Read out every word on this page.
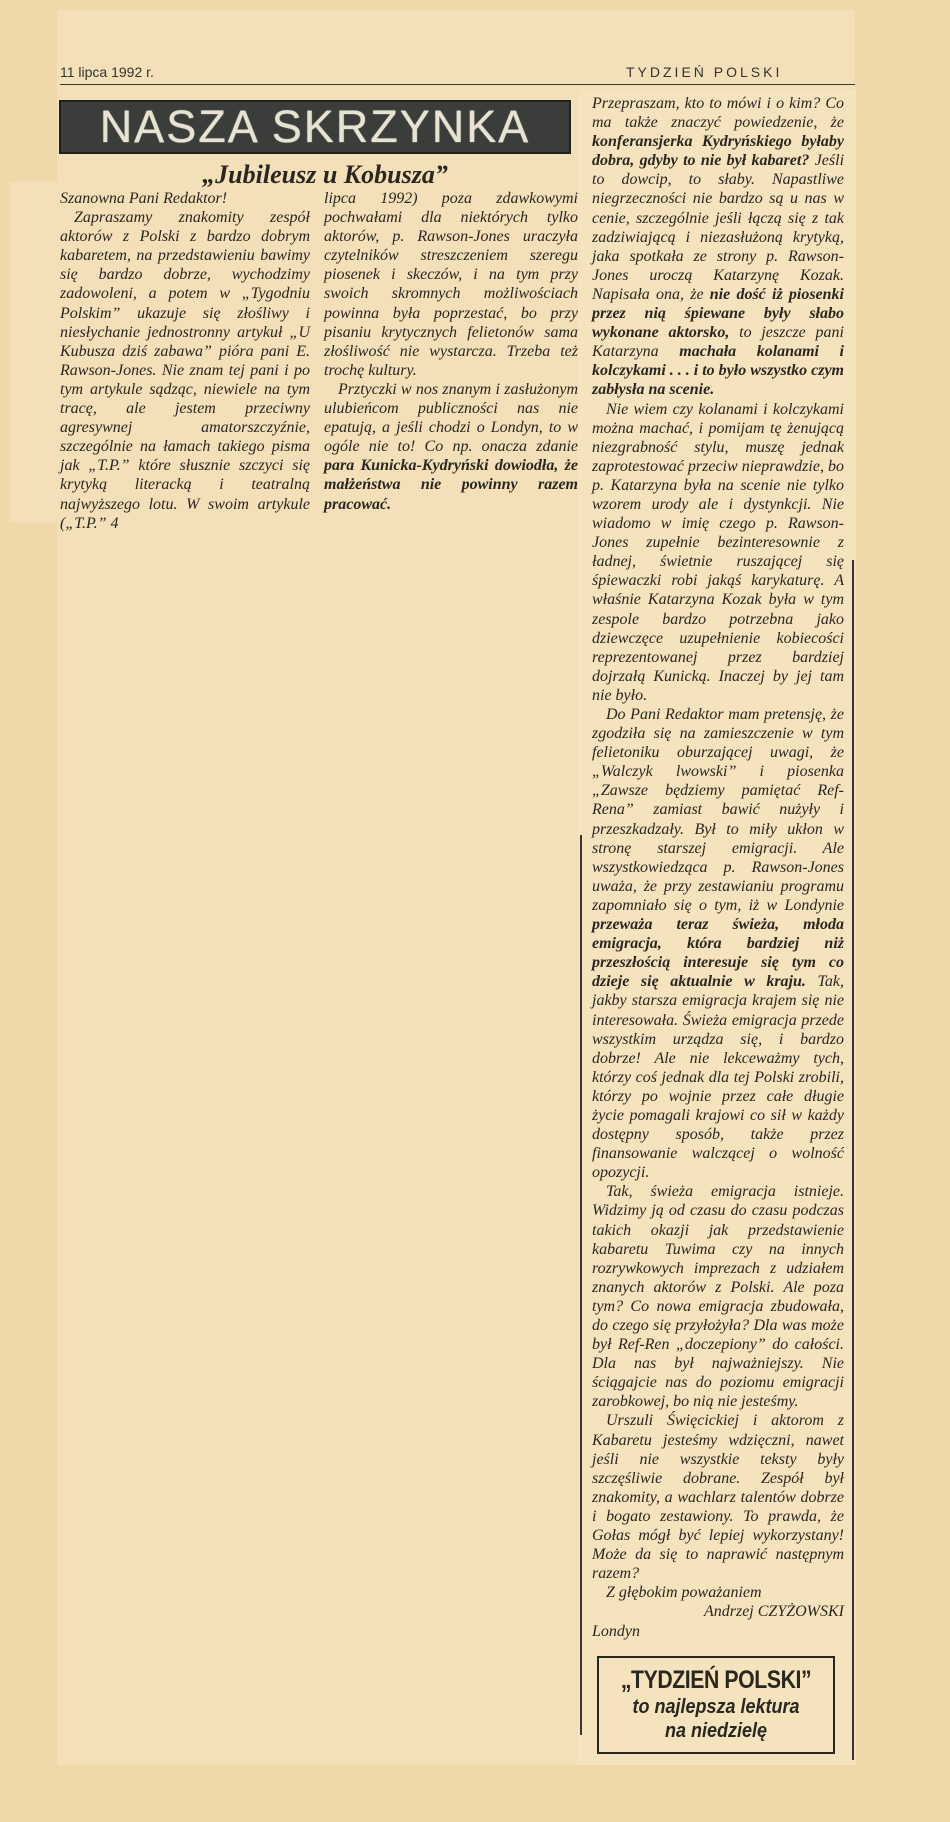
11 lipca 1992 r.	TYDZIEŃ POLSKI
NASZA SKRZYNKA
„Jubileusz u Kobusza”

Szanowna Pani Redaktor!

Zapraszamy znakomity zespół aktorów z Polski z bardzo dobrym kabaretem, na przedstawieniu bawimy się bardzo dobrze, wychodzimy zadowoleni, a potem w „Tygodniu Polskim” ukazuje się złośliwy i niesłychanie jednostronny artykuł „U Kubusza dziś zabawa” pióra pani E. Rawson-Jones. Nie znam tej pani i po tym artykule sądząc, niewiele na tym tracę, ale jestem przeciwny agresywnej amatorszczyźnie, szczególnie na łamach takiego pisma jak „T.P.” które słusznie szczyci się krytyką literacką i teatralną najwyższego lotu. W swoim artykule („T.P.” 4

lipca 1992) poza zdawkowymi pochwałami dla niektórych tylko aktorów, p. Rawson-Jones uraczyła czytelników streszczeniem szeregu piosenek i skeczów, i na tym przy swoich skromnych możliwościach powinna była poprzestać, bo przy pisaniu krytycznych felietonów sama złośliwość nie wystarcza. Trzeba też trochę kultury.

Prztyczki w nos znanym i zasłużonym ulubieńcom publiczności nas nie epatują, a jeśli chodzi o Londyn, to w ogóle nie to! Co np. onacza zdanie para Kunicka-Kydryński dowiodła, że małżeństwa nie powinny razem pracować.

Przepraszam, kto to mówi i o kim? Co ma także znaczyć powiedzenie, że konferansjerka Kydryńskiego byłaby dobra, gdyby to nie był kabaret? Jeśli to dowcip, to słaby. Napastliwe niegrzeczności nie bardzo są u nas w cenie, szczególnie jeśli łączą się z tak zadziwiającą i niezasłużoną krytyką, jaka spotkała ze strony p. Rawson-Jones uroczą Katarzynę Kozak. Napisała ona, że nie dość iż piosenki przez nią śpiewane były słabo wykonane aktorsko, to jeszcze pani Katarzyna machała kolanami i kolczykami . . . i to było wszystko czym zabłysła na scenie.

Nie wiem czy kolanami i kolczykami można machać, i pomijam tę żenującą niezgrabność stylu, muszę jednak zaprotestować przeciw nieprawdzie, bo p. Katarzyna była na scenie nie tylko wzorem urody ale i dystynkcji. Nie wiadomo w imię czego p. Rawson-Jones zupełnie bezinteresownie z ładnej, świetnie ruszającej się śpiewaczki robi jakąś karykaturę. A właśnie Katarzyna Kozak była w tym zespole bardzo potrzebna jako dziewczęce uzupełnienie kobiecości reprezentowanej przez bardziej dojrzałą Kunicką. Inaczej by jej tam nie było.

Do Pani Redaktor mam pretensję, że zgodziła się na zamieszczenie w tym felietoniku oburzającej uwagi, że „Walczyk lwowski” i piosenka „Zawsze będziemy pamiętać Ref-Rena” zamiast bawić nużyły i przeszkadzały. Był to miły ukłon w stronę starszej emigracji. Ale wszystkowiedząca p. Rawson-Jones uważa, że przy zestawianiu programu zapomniało się o tym, iż w Londynie przeważa teraz świeża, młoda emigracja, która bardziej niż przeszłością interesuje się tym co dzieje się aktualnie w kraju. Tak, jakby starsza emigracja krajem się nie interesowała. Świeża emigracja przede wszystkim urządza się, i bardzo dobrze! Ale nie lekceważmy tych, którzy coś jednak dla tej Polski zrobili, którzy po wojnie przez całe długie życie pomagali krajowi co sił w każdy dostępny sposób, także przez finansowanie walczącej o wolność opozycji.

Tak, świeża emigracja istnieje. Widzimy ją od czasu do czasu podczas takich okazji jak przedstawienie kabaretu Tuwima czy na innych rozrywkowych imprezach z udziałem znanych aktorów z Polski. Ale poza tym? Co nowa emigracja zbudowała, do czego się przyłożyła? Dla was może był Ref-Ren „doczepiony” do całości. Dla nas był najważniejszy. Nie ściągajcie nas do poziomu emigracji zarobkowej, bo nią nie jesteśmy.

Urszuli Święcickiej i aktorom z Kabaretu jesteśmy wdzięczni, nawet jeśli nie wszystkie teksty były szczęśliwie dobrane. Zespół był znakomity, a wachlarz talentów dobrze i bogato zestawiony. To prawda, że Gołas mógł być lepiej wykorzystany! Może da się to naprawić następnym razem?

Z głębokim poważaniem

Andrzej CZYŻOWSKI

Londyn

„TYDZIEŃ POLSKI”
to najlepsza lektura
na niedzielę
